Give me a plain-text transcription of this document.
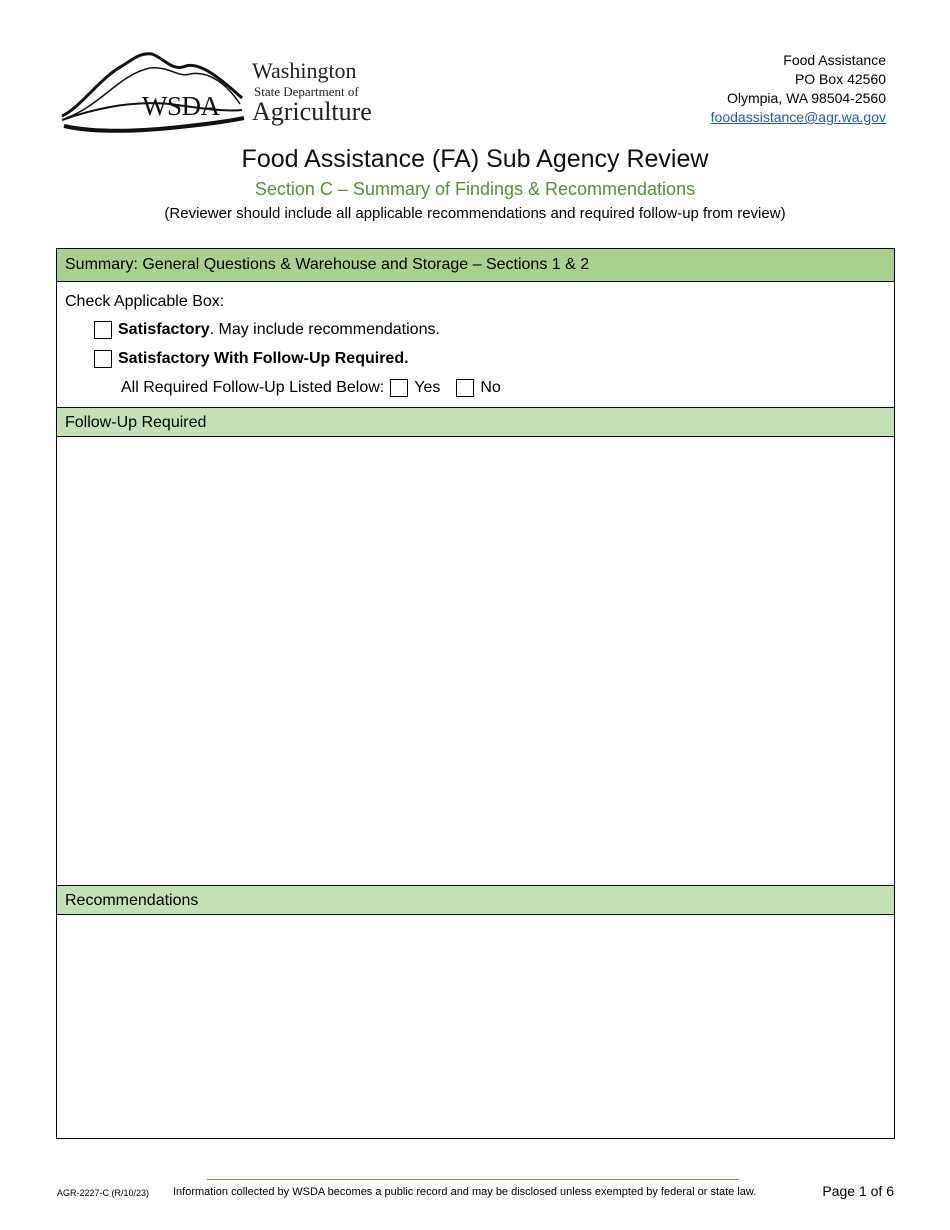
WSDA
Washington
State Department of
Agriculture
Food Assistance
PO Box 42560
Olympia, WA 98504-2560
foodassistance@agr.wa.gov
Food Assistance (FA) Sub Agency Review
Section C – Summary of Findings & Recommendations
(Reviewer should include all applicable recommendations and required follow-up from review)
Summary: General Questions & Warehouse and Storage – Sections 1 & 2
Check Applicable Box:
Satisfactory . May include recommendations.
Satisfactory With Follow-Up Required.
All Required Follow-Up Listed Below: Yes	No
Follow-Up Required
Recommendations
AGR-2227-C (R/10/23) Information collected by WSDA becomes a public record and may be disclosed unless exempted by federal or state law.	Page 1 of 6
